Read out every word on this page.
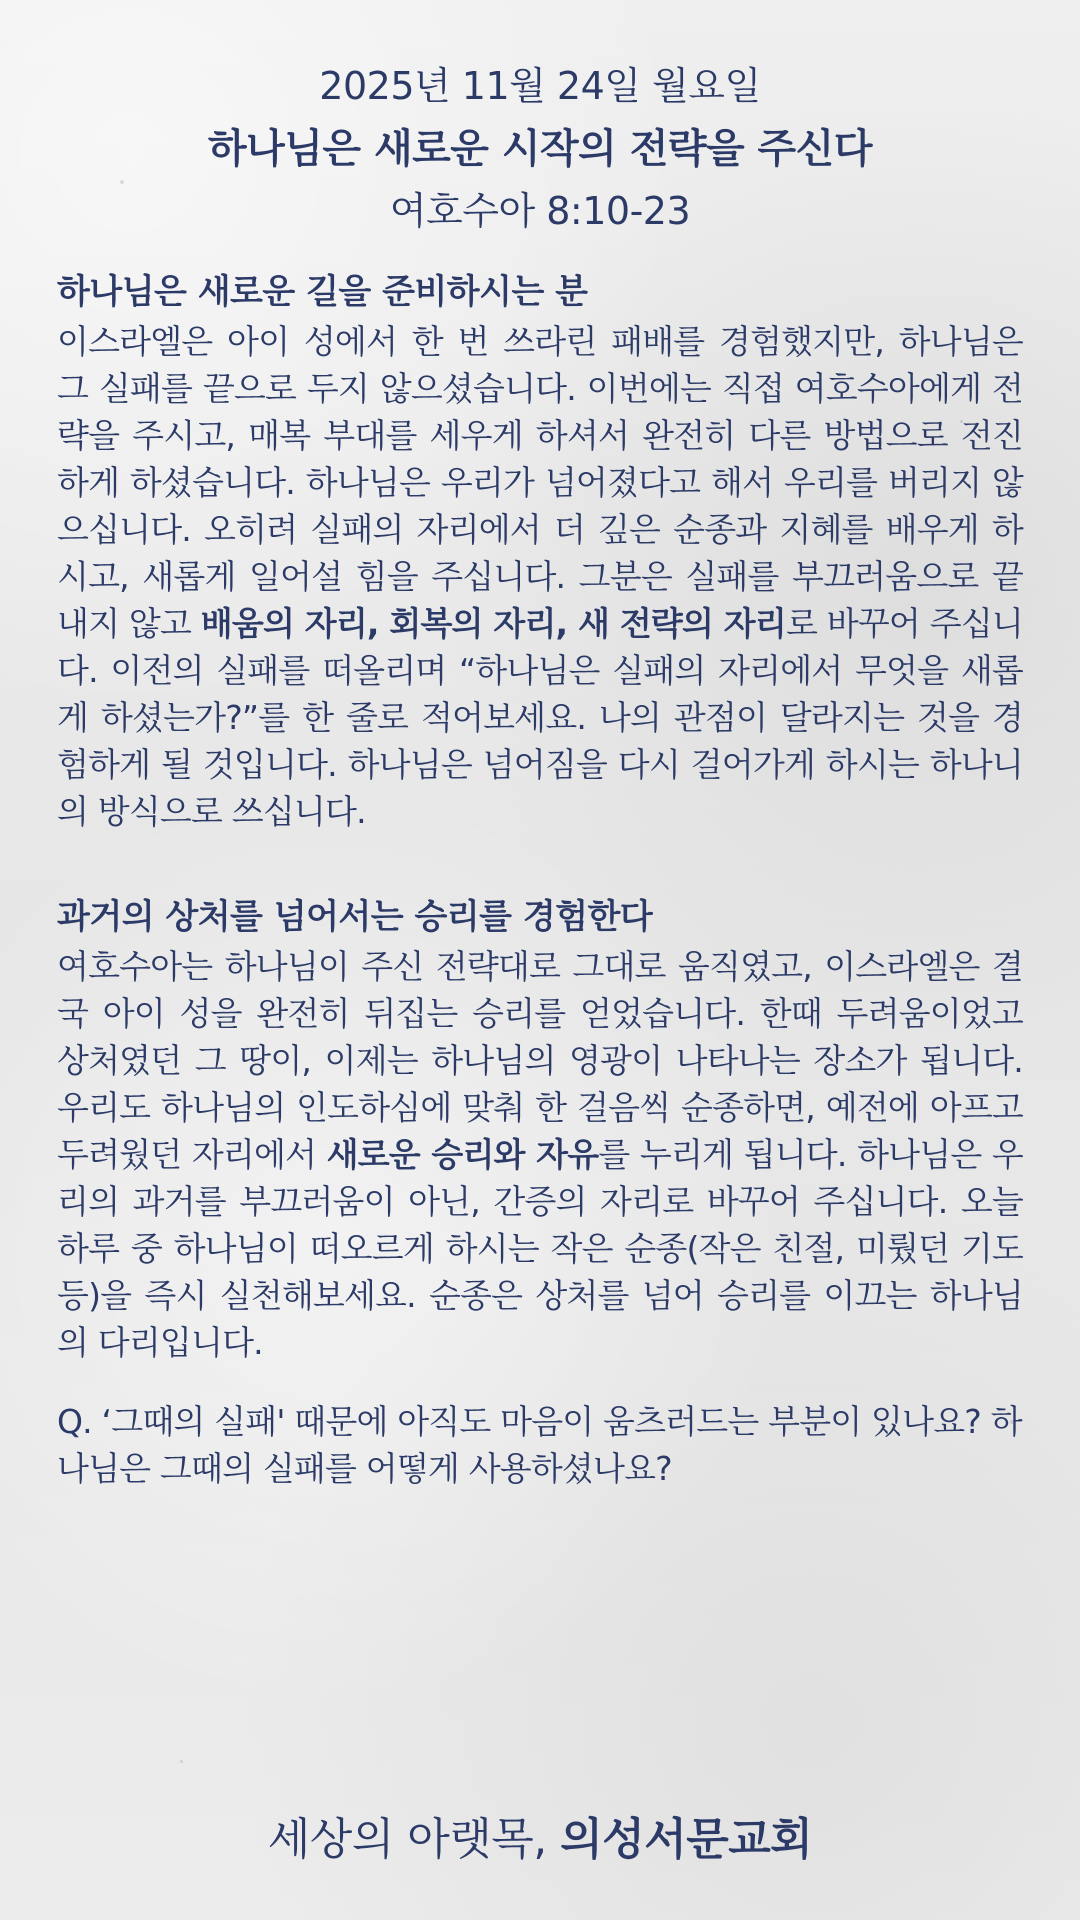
2025년 11월 24일 월요일
하나님은 새로운 시작의 전략을 주신다
여호수아 8:10-23
하나님은 새로운 길을 준비하시는 분

이스라엘은 아이 성에서 한 번 쓰라린 패배를 경험했지만, 하나님은 그 실패를 끝으로 두지 않으셨습니다. 이번에는 직접 여호수아에게 전략을 주시고, 매복 부대를 세우게 하셔서 완전히 다른 방법으로 전진하게 하셨습니다. 하나님은 우리가 넘어졌다고 해서 우리를 버리지 않으십니다. 오히려 실패의 자리에서 더 깊은 순종과 지혜를 배우게 하시고, 새롭게 일어설 힘을 주십니다. 그분은 실패를 부끄러움으로 끝내지 않고 배움의 자리, 회복의 자리, 새 전략의 자리로 바꾸어 주십니다. 이전의 실패를 떠올리며 “하나님은 실패의 자리에서 무엇을 새롭게 하셨는가?”를 한 줄로 적어보세요. 나의 관점이 달라지는 것을 경험하게 될 것입니다. 하나님은 넘어짐을 다시 걸어가게 하시는 하나니의 방식으로 쓰십니다.

과거의 상처를 넘어서는 승리를 경험한다

여호수아는 하나님이 주신 전략대로 그대로 움직였고, 이스라엘은 결국 아이 성을 완전히 뒤집는 승리를 얻었습니다. 한때 두려움이었고 상처였던 그 땅이, 이제는 하나님의 영광이 나타나는 장소가 됩니다. 우리도 하나님의 인도하심에 맞춰 한 걸음씩 순종하면, 예전에 아프고 두려웠던 자리에서 새로운 승리와 자유를 누리게 됩니다. 하나님은 우리의 과거를 부끄러움이 아닌, 간증의 자리로 바꾸어 주십니다. 오늘 하루 중 하나님이 떠오르게 하시는 작은 순종(작은 친절, 미뤘던 기도 등)을 즉시 실천해보세요. 순종은 상처를 넘어 승리를 이끄는 하나님의 다리입니다.

Q. ‘그때의 실패' 때문에 아직도 마음이 움츠러드는 부분이 있나요? 하나님은 그때의 실패를 어떻게 사용하셨나요?
세상의 아랫목, 의성서문교회
